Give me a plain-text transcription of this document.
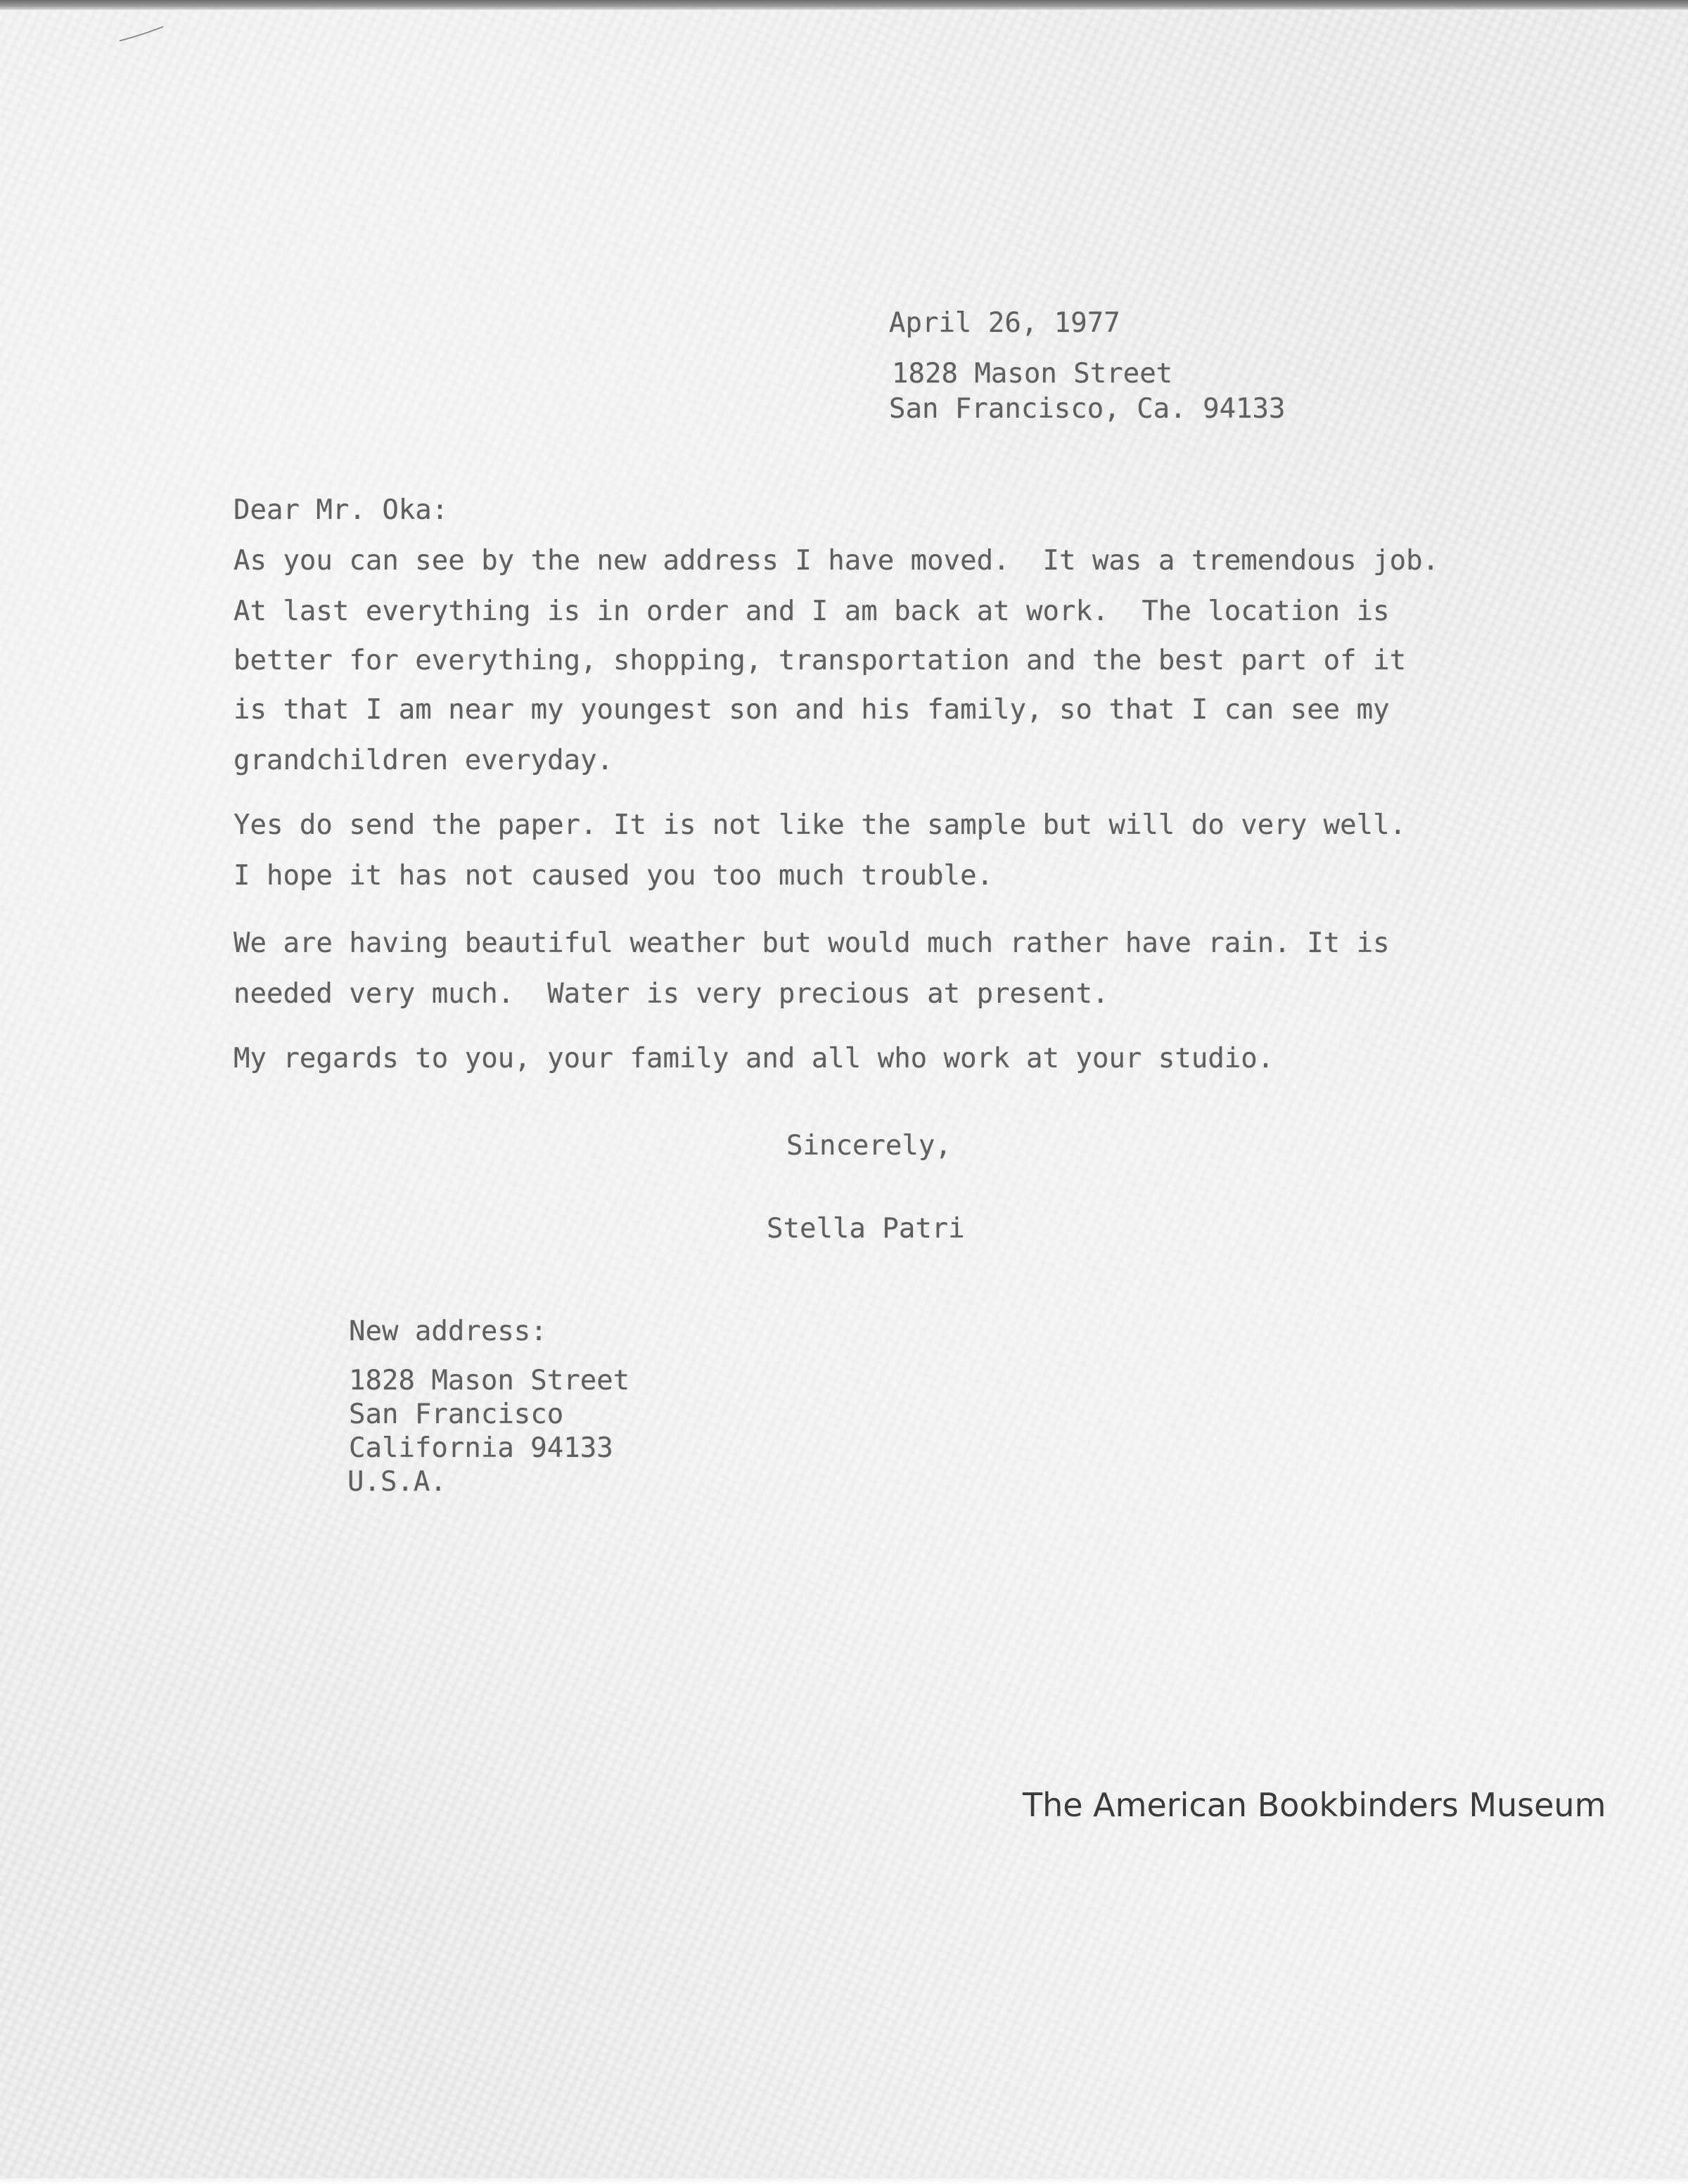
April 26, 1977
1828 Mason Street
San Francisco, Ca. 94133
Dear Mr. Oka:
As you can see by the new address I have moved.  It was a tremendous job.
At last everything is in order and I am back at work.  The location is
better for everything, shopping, transportation and the best part of it
is that I am near my youngest son and his family, so that I can see my
grandchildren everyday.
Yes do send the paper. It is not like the sample but will do very well.
I hope it has not caused you too much trouble.
We are having beautiful weather but would much rather have rain. It is
needed very much.  Water is very precious at present.
My regards to you, your family and all who work at your studio.
Sincerely,
Stella Patri
New address:
1828 Mason Street
San Francisco
California 94133
U.S.A.
The American Bookbinders Museum
